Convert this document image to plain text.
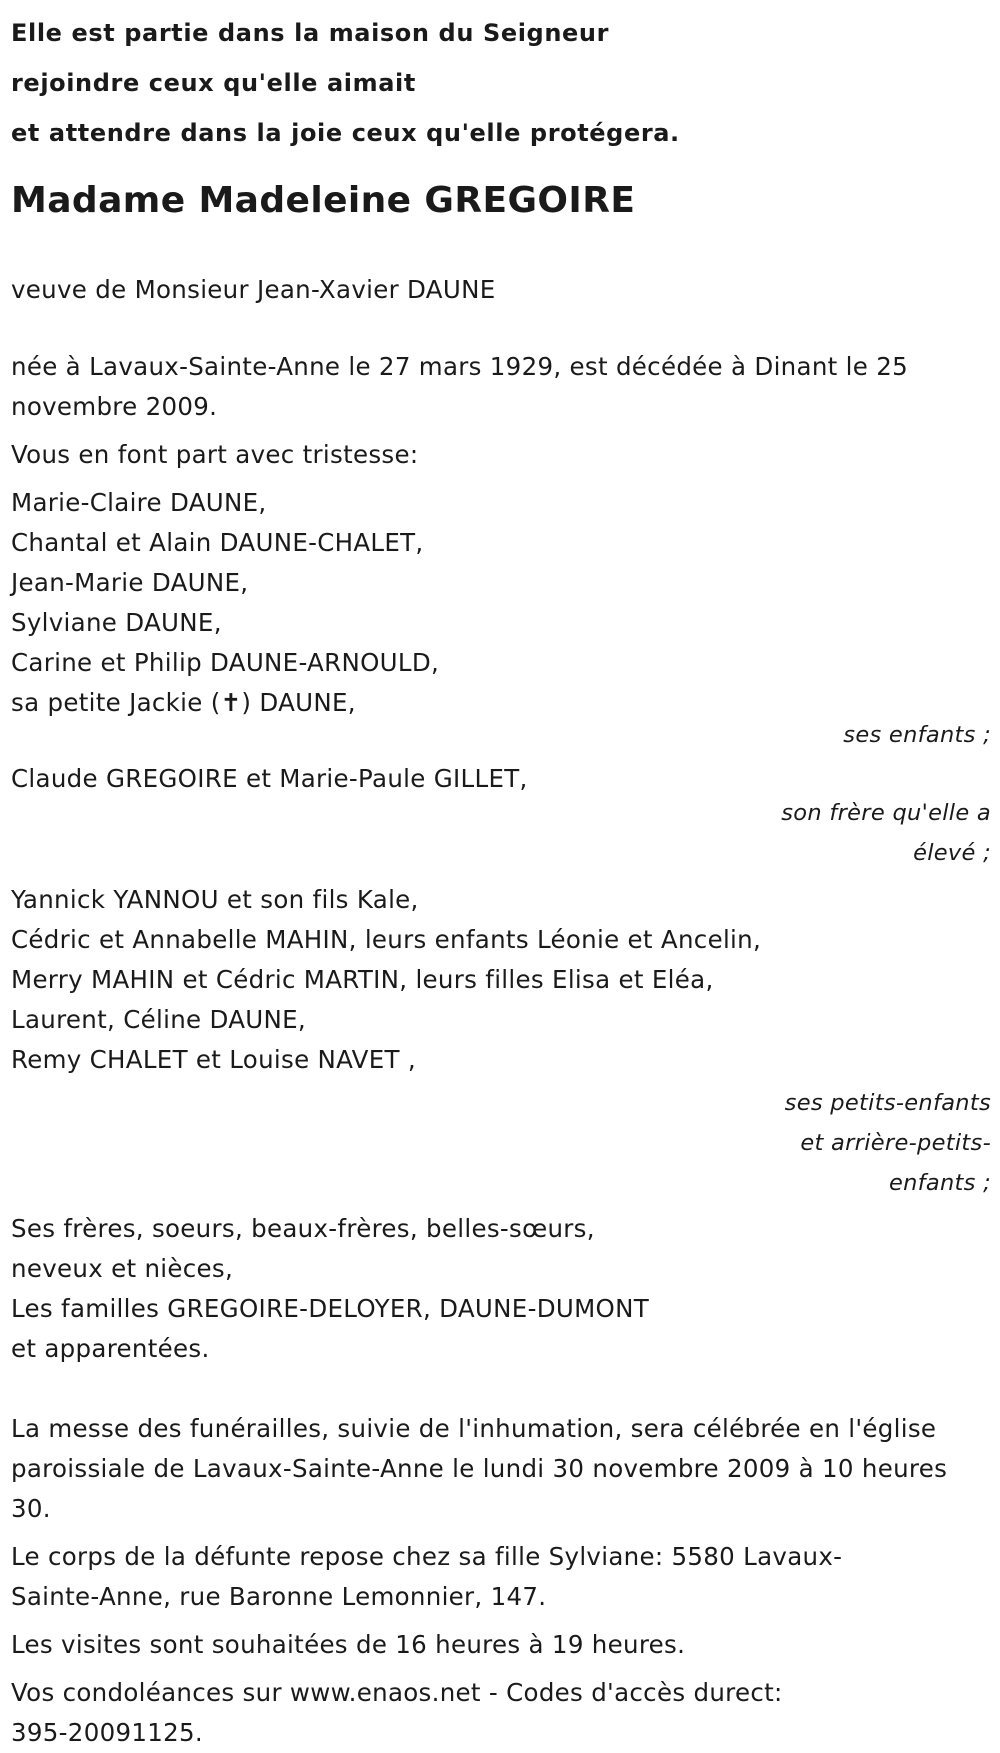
Elle est partie dans la maison du Seigneur
rejoindre ceux qu'elle aimait
et attendre dans la joie ceux qu'elle protégera.
Madame Madeleine GREGOIRE
veuve de Monsieur Jean-Xavier DAUNE
née à Lavaux-Sainte-Anne le 27 mars 1929, est décédée à Dinant le 25
novembre 2009.
Vous en font part avec tristesse:
Marie-Claire DAUNE,
Chantal et Alain DAUNE-CHALET,
Jean-Marie DAUNE,
Sylviane DAUNE,
Carine et Philip DAUNE-ARNOULD,
sa petite Jackie (✝) DAUNE,
ses enfants ;
Claude GREGOIRE et Marie-Paule GILLET,
son frère qu'elle a
élevé ;
Yannick YANNOU et son fils Kale,
Cédric et Annabelle MAHIN, leurs enfants Léonie et Ancelin,
Merry MAHIN et Cédric MARTIN, leurs filles Elisa et Eléa,
Laurent, Céline DAUNE,
Remy CHALET et Louise NAVET ,
ses petits-enfants
et arrière-petits-
enfants ;
Ses frères, soeurs, beaux-frères, belles-sœurs,
neveux et nièces,
Les familles GREGOIRE-DELOYER, DAUNE-DUMONT
et apparentées.
La messe des funérailles, suivie de l'inhumation, sera célébrée en l'église
paroissiale de Lavaux-Sainte-Anne le lundi 30 novembre 2009 à 10 heures
30.
Le corps de la défunte repose chez sa fille Sylviane: 5580 Lavaux-
Sainte-Anne, rue Baronne Lemonnier, 147.
Les visites sont souhaitées de 16 heures à 19 heures.
Vos condoléances sur www.enaos.net - Codes d'accès durect:
395-20091125.
